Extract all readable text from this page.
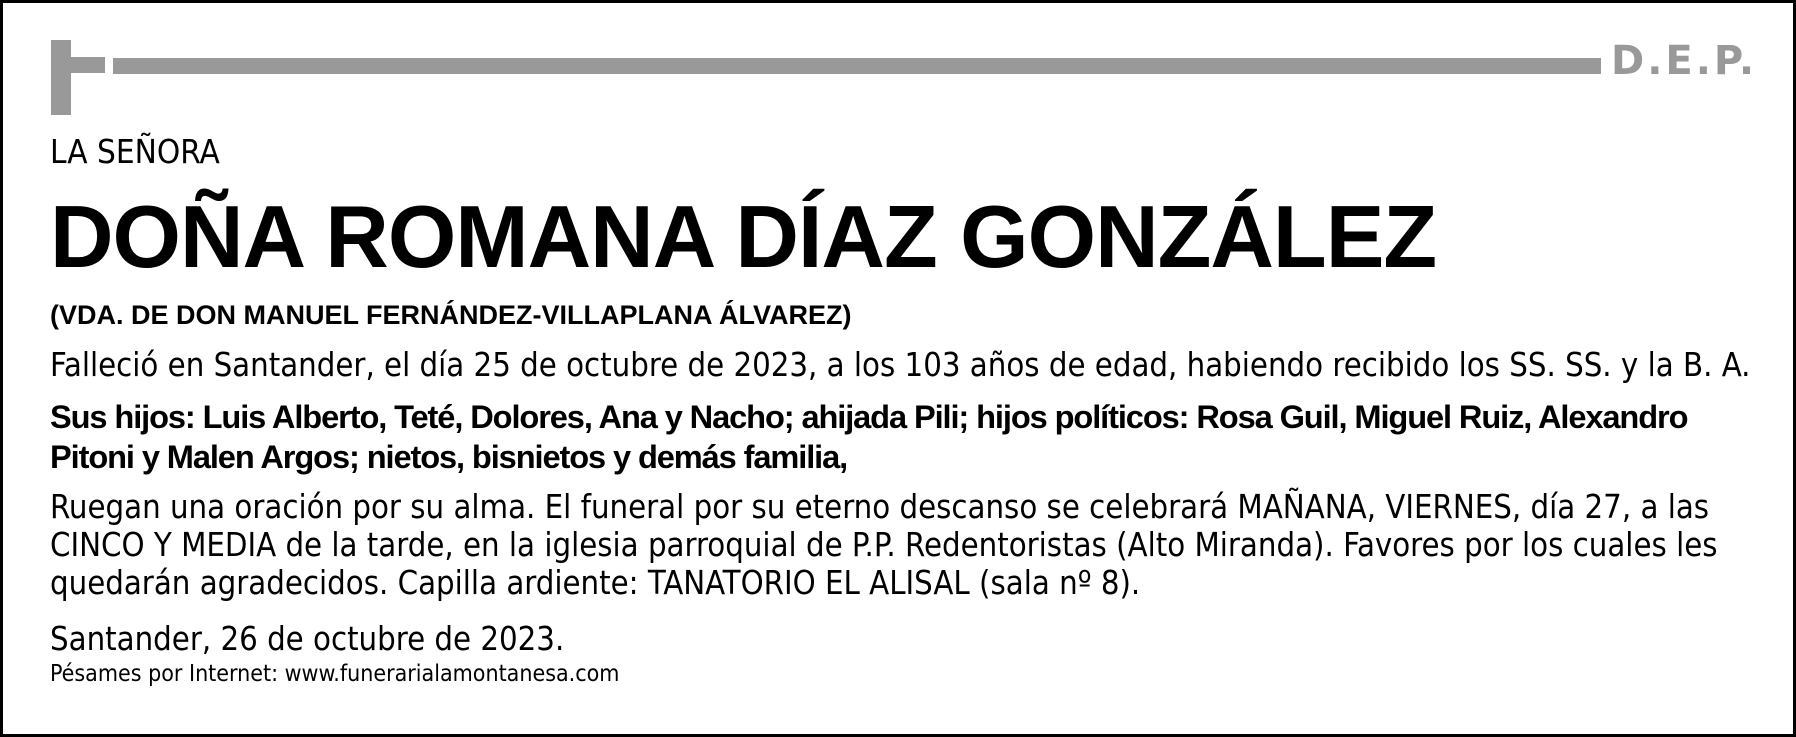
D.E.P.
LA SEÑORA
DOÑA ROMANA DÍAZ GONZÁLEZ
(VDA. DE DON MANUEL FERNÁNDEZ-VILLAPLANA ÁLVAREZ)
Falleció en Santander, el día 25 de octubre de 2023, a los 103 años de edad, habiendo recibido los SS. SS. y la B. A.
Sus hijos: Luis Alberto, Teté, Dolores, Ana y Nacho; ahijada Pili; hijos políticos: Rosa Guil, Miguel Ruiz, Alexandro
Pitoni y Malen Argos; nietos, bisnietos y demás familia,
Ruegan una oración por su alma. El funeral por su eterno descanso se celebrará MAÑANA, VIERNES, día 27, a las
CINCO Y MEDIA de la tarde, en la iglesia parroquial de P.P. Redentoristas (Alto Miranda). Favores por los cuales les
quedarán agradecidos. Capilla ardiente: TANATORIO EL ALISAL (sala nº 8).
Santander, 26 de octubre de 2023.
Pésames por Internet: www.funerarialamontanesa.com
